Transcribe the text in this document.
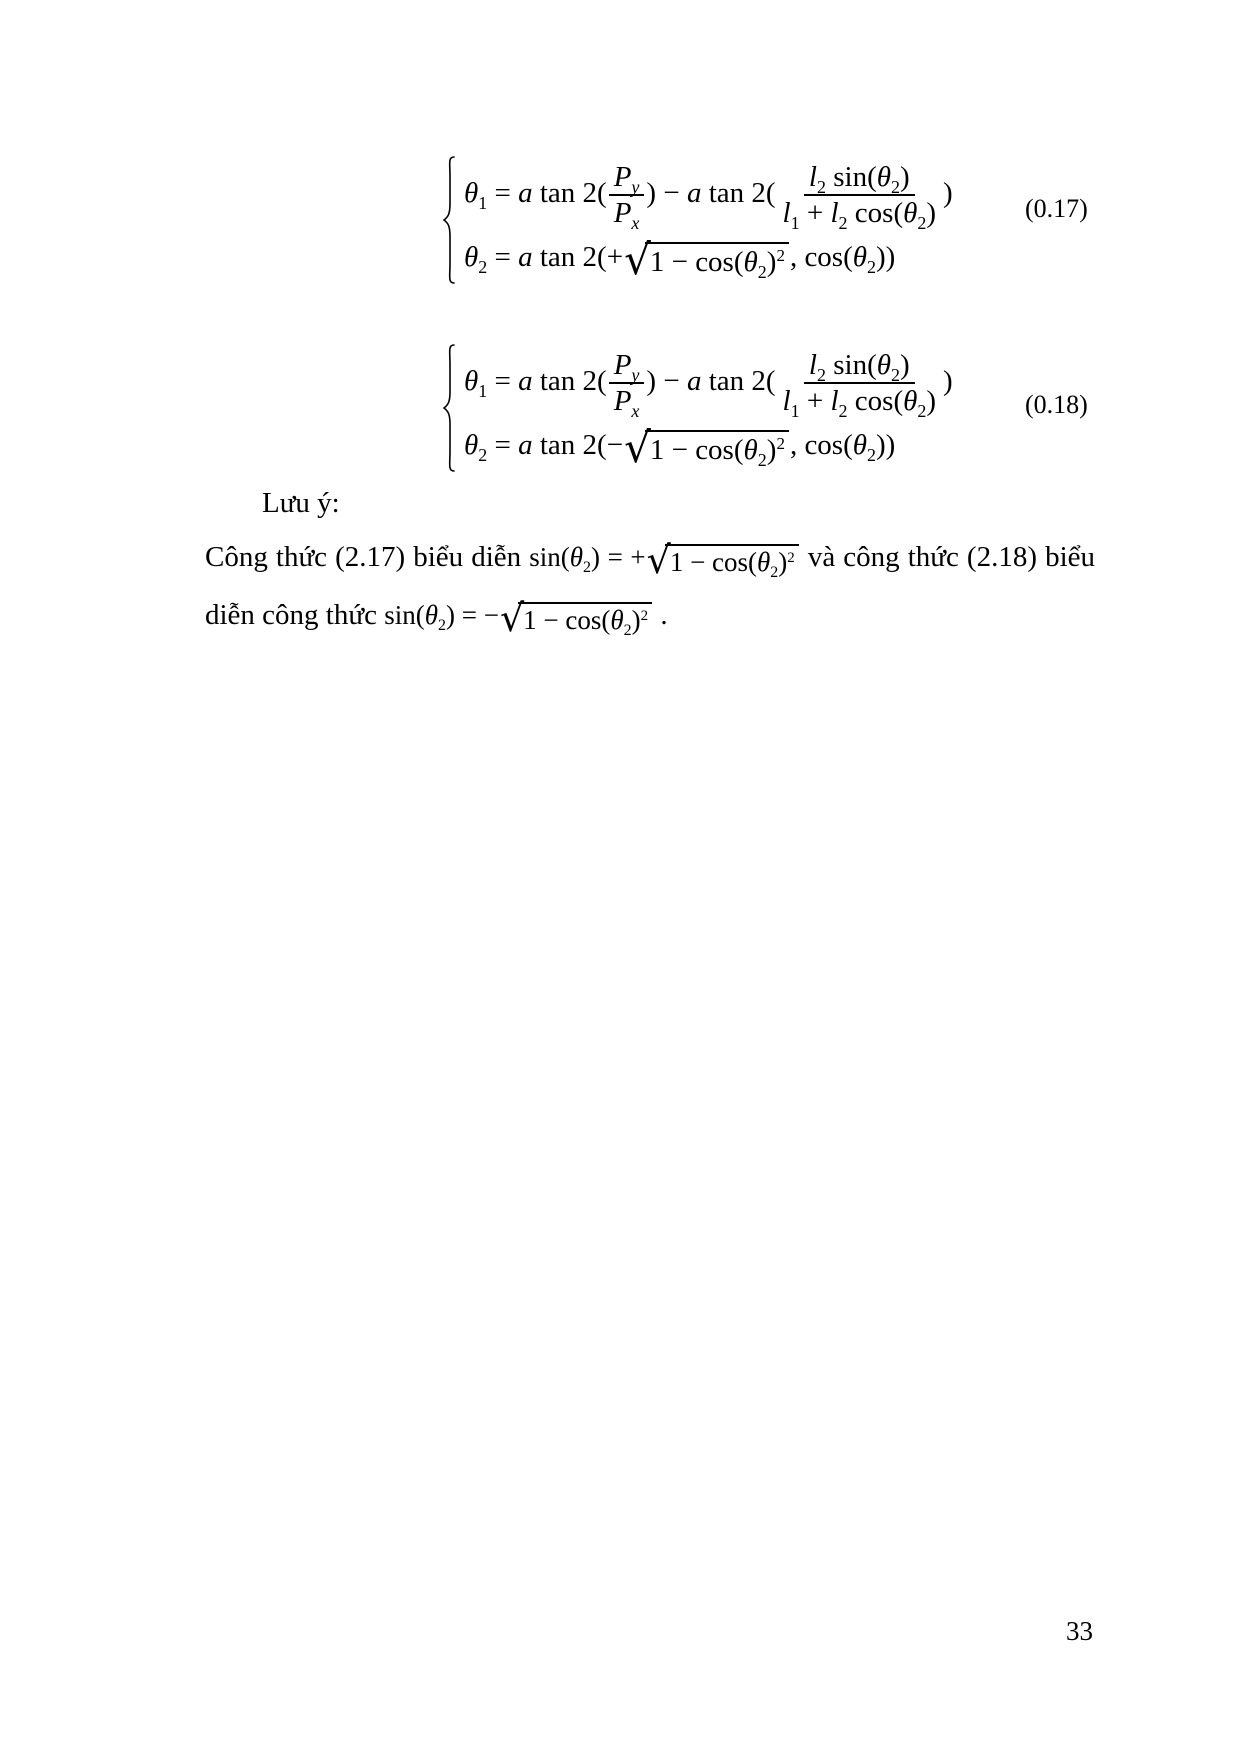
$\theta_1 = a$ $\tan 2( \frac{P_y}{P_x}$ ) − a $\tan 2( \frac{l_2 \sin(\theta_2)}{l_1 + l_2 \cos(\theta_2)}$ )
$\theta_2 = a$ tan 2(+ √ $1 - \cos(\theta_2)^2$ , $\cos(\theta_2)$)
(0.17)
$\theta_1 = a$ $\tan 2( \frac{P_y}{P_x}$ ) − a $\tan 2( \frac{l_2 \sin(\theta_2)}{l_1 + l_2 \cos(\theta_2)}$ )
$\theta_2 = a$ tan 2(− √ $1 - \cos(\theta_2)^2$ , $\cos(\theta_2)$)
(0.18)
Lưu ý:
Công thức (2.17) biểu diễn $\sin(\theta_2)$ = + √ $1 - \cos(\theta_2)^2$ và công thức (2.18) biểu
diễn công thức $\sin(\theta_2)$ = − √ $1 - \cos(\theta_2)^2$ .
33
